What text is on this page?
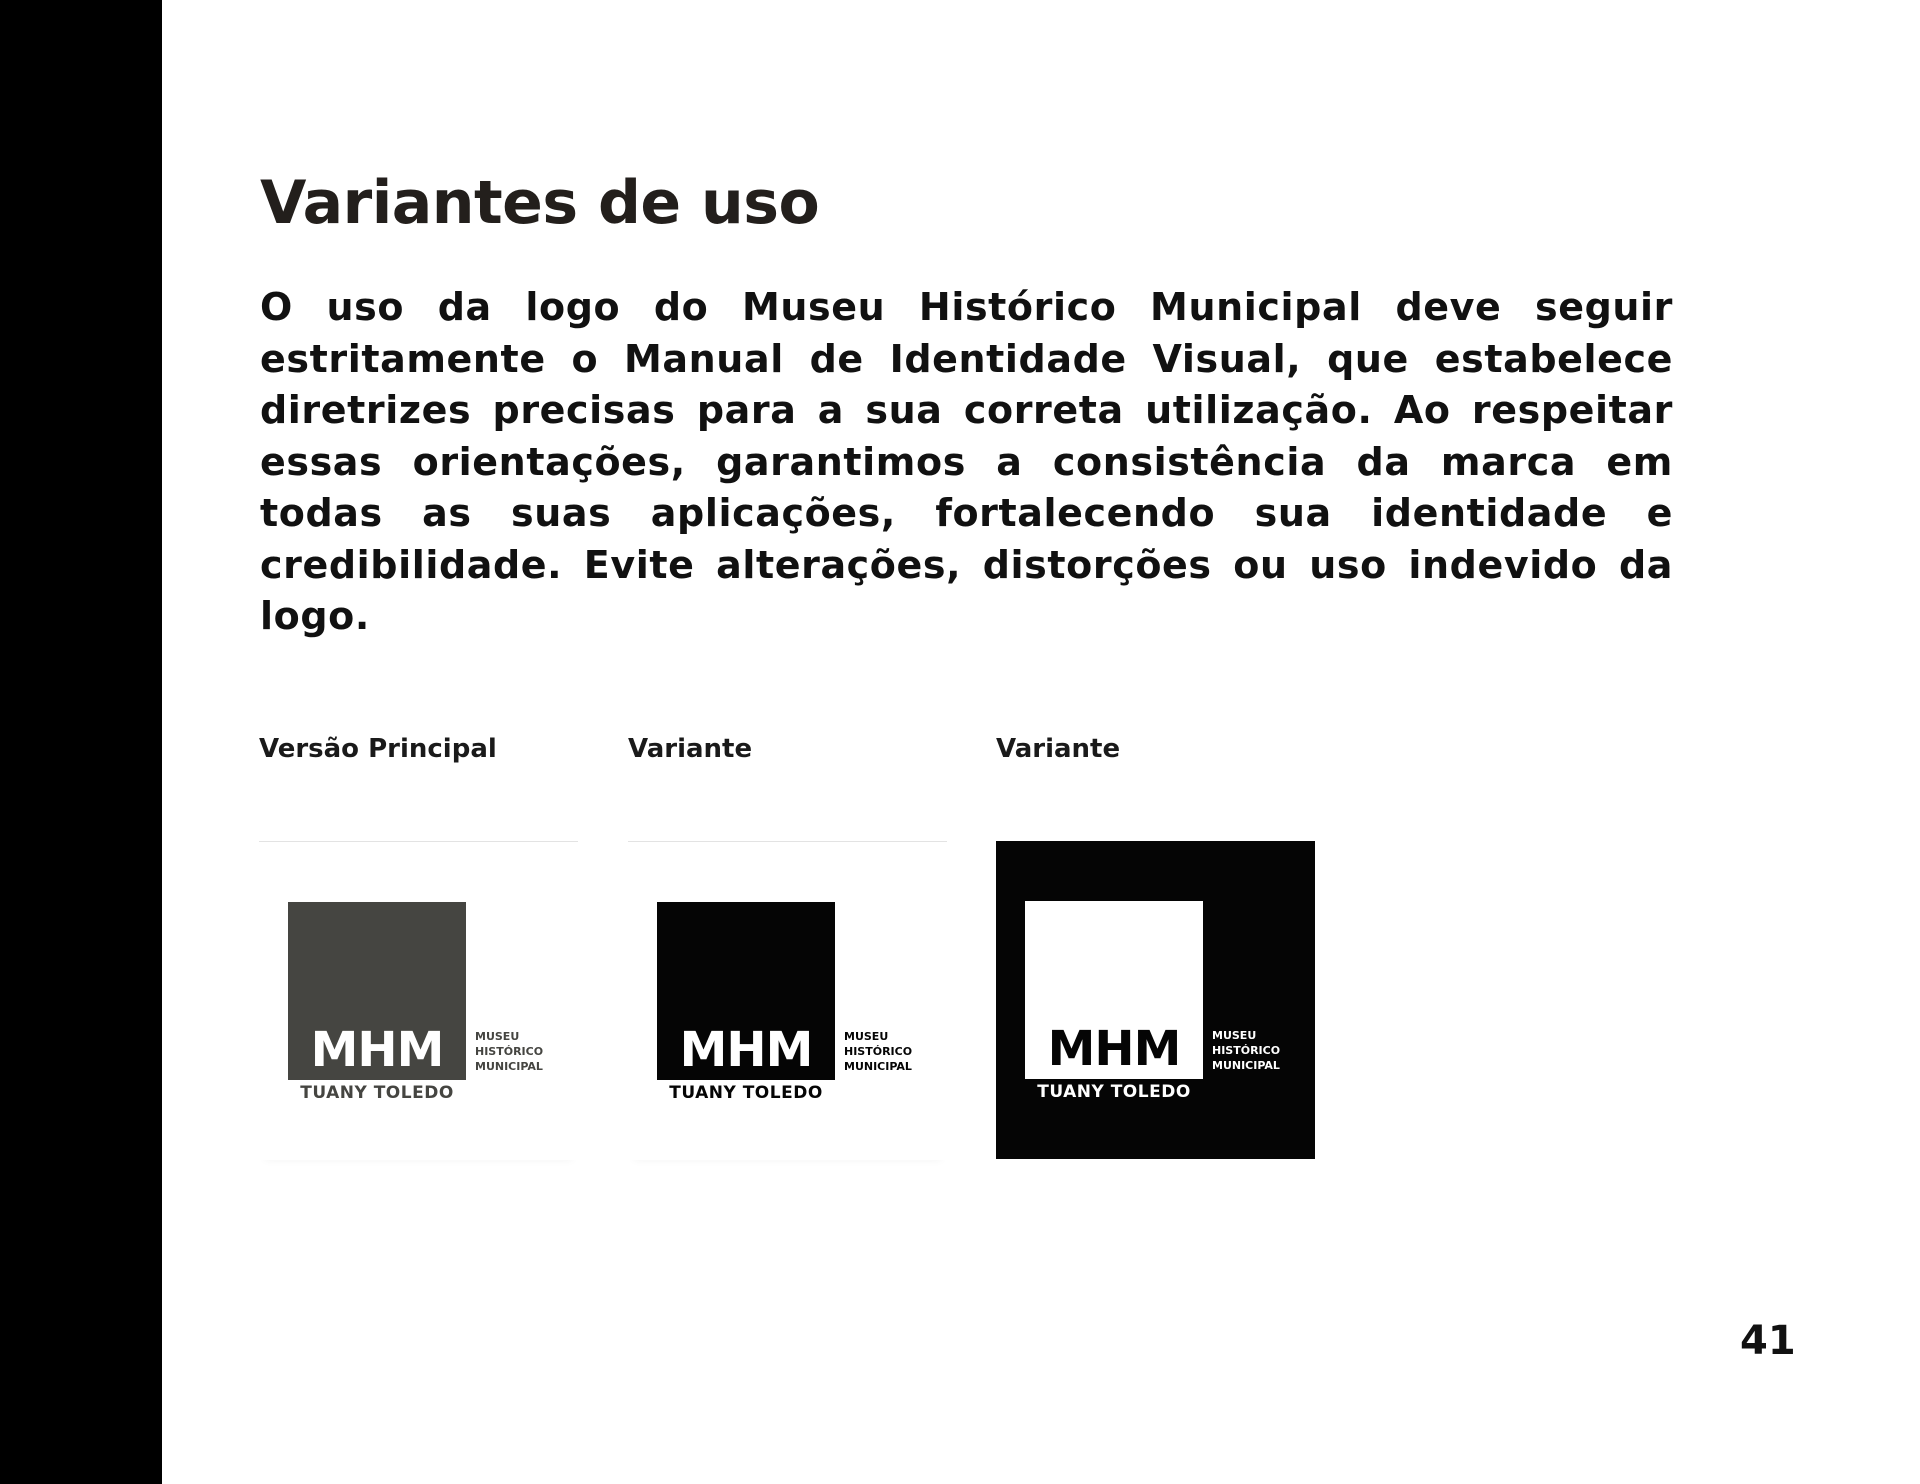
Variantes de uso

O uso da logo do Museu Histórico Municipal deve seguir estritamente o Manual de Identidade Visual, que estabelece diretrizes precisas para a sua correta utilização. Ao respeitar essas orientações, garantimos a consistência da marca em todas as suas aplicações, fortalecendo sua identidade e credibilidade. Evite alterações, distorções ou uso indevido da logo.

Versão Principal
MHM	MUSEU
HISTÓRICO
MUNICIPAL
TUANY TOLEDO
Variante
MHM	MUSEU
HISTÓRICO
MUNICIPAL
TUANY TOLEDO
Variante
MHM	MUSEU
HISTÓRICO
MUNICIPAL
TUANY TOLEDO
41
